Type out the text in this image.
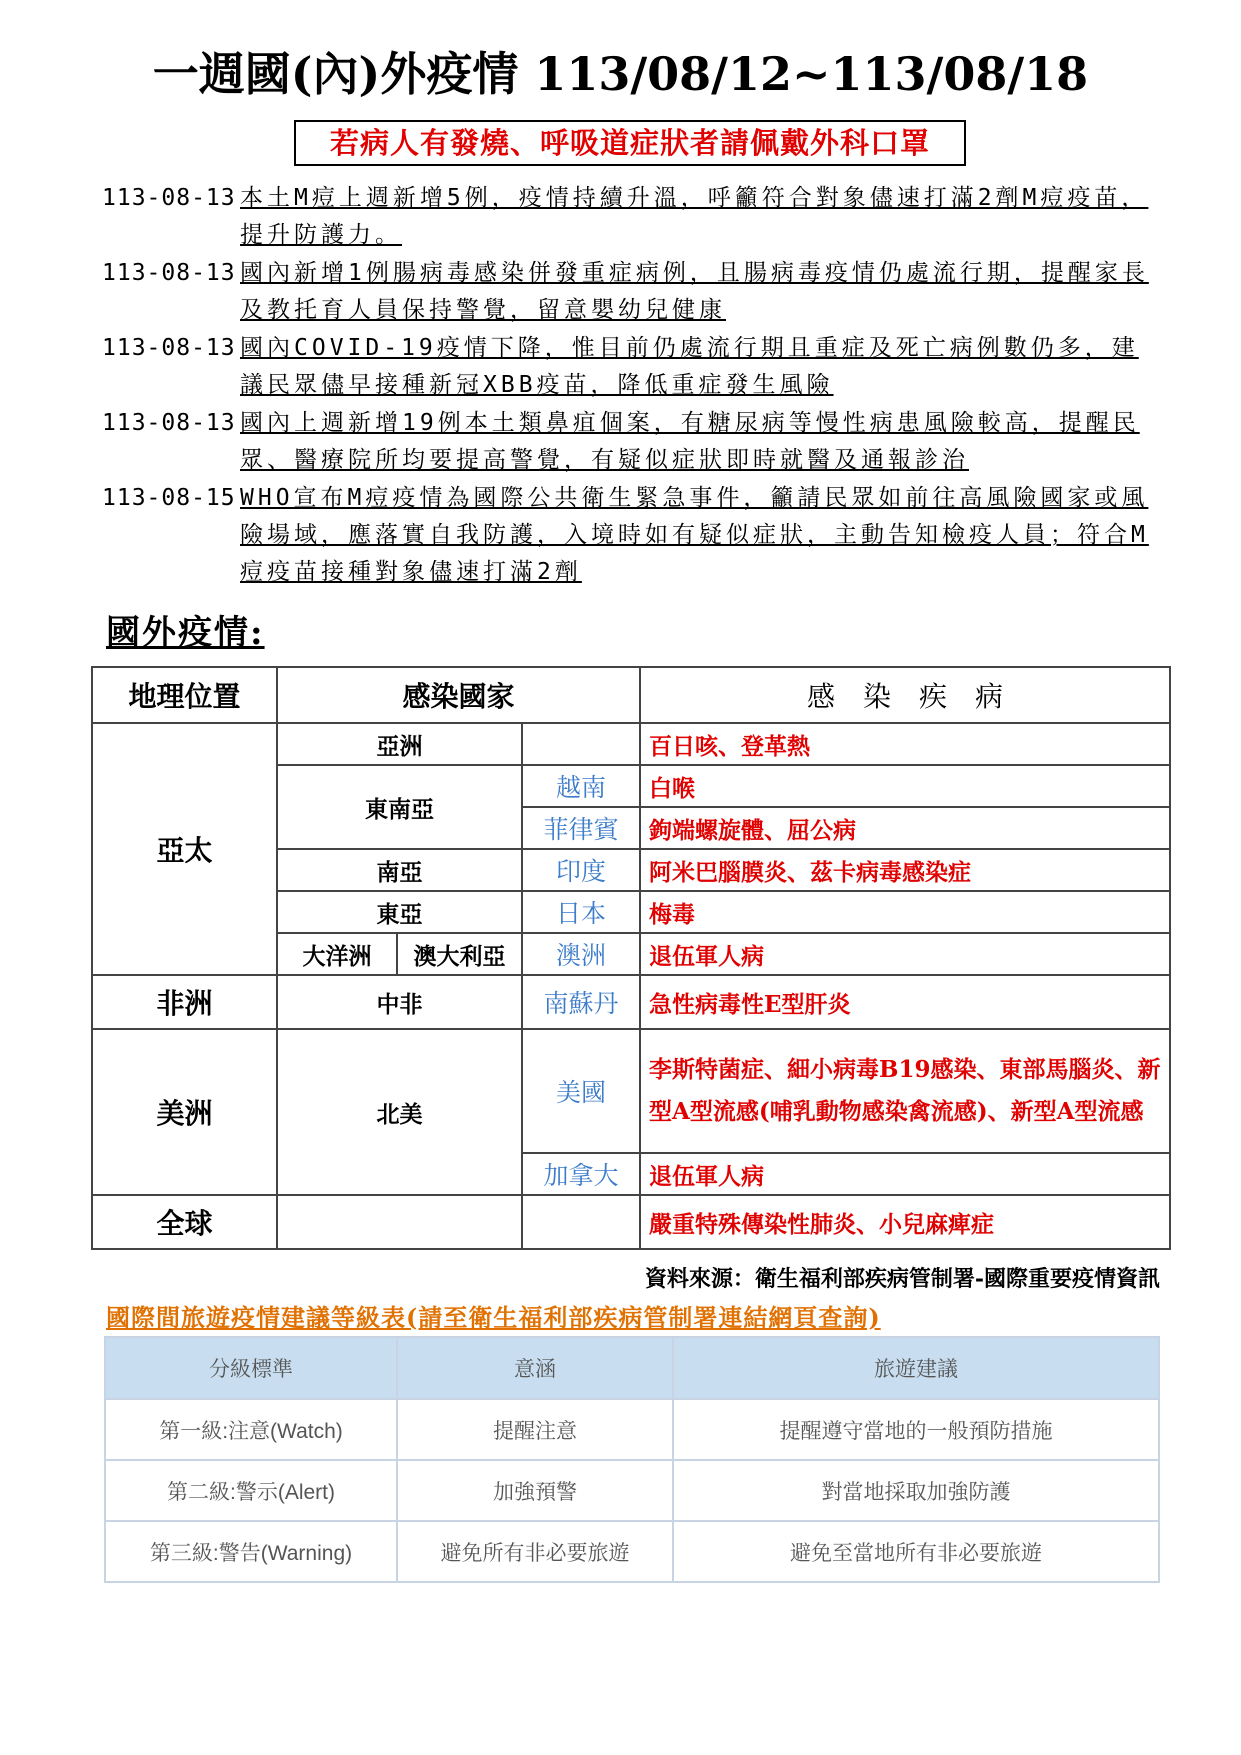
一週國(內)外疫情 113/08/12~113/08/18
若病人有發燒、呼吸道症狀者請佩戴外科口罩
113-08-13 本土M痘上週新增5例，疫情持續升溫，呼籲符合對象儘速打滿2劑M痘疫苗，提升防護力。
113-08-13 國內新增1例腸病毒感染併發重症病例，且腸病毒疫情仍處流行期，提醒家長及教托育人員保持警覺，留意嬰幼兒健康
113-08-13 國內COVID-19疫情下降，惟目前仍處流行期且重症及死亡病例數仍多，建議民眾儘早接種新冠XBB疫苗，降低重症發生風險
113-08-13 國內上週新增19例本土類鼻疽個案，有糖尿病等慢性病患風險較高，提醒民眾、醫療院所均要提高警覺，有疑似症狀即時就醫及通報診治
113-08-15 WHO宣布M痘疫情為國際公共衛生緊急事件，籲請民眾如前往高風險國家或風險場域，應落實自我防護，入境時如有疑似症狀，主動告知檢疫人員；符合M痘疫苗接種對象儘速打滿2劑
國外疫情:
地理位置	感染國家			感　染　疾　病
亞太	亞洲			百日咳、登革熱
	東南亞		越南	白喉
			菲律賓	鉤端螺旋體、屈公病
	南亞		印度	阿米巴腦膜炎、茲卡病毒感染症
	東亞		日本	梅毒
	大洋洲	澳大利亞	澳洲	退伍軍人病
非洲	中非		南蘇丹	急性病毒性E型肝炎
美洲	北美		美國	李斯特菌症、細小病毒B19感染、東部馬腦炎、新型A型流感(哺乳動物感染禽流感)、新型A型流感
			加拿大	退伍軍人病
全球				嚴重特殊傳染性肺炎、小兒麻痺症
資料來源：衛生福利部疾病管制署-國際重要疫情資訊
國際間旅遊疫情建議等級表(請至衛生福利部疾病管制署連結網頁查詢)
分級標準	意涵	旅遊建議
第一級:注意(Watch)	提醒注意	提醒遵守當地的一般預防措施
第二級:警示(Alert)	加強預警	對當地採取加強防護
第三級:警告(Warning)	避免所有非必要旅遊	避免至當地所有非必要旅遊
